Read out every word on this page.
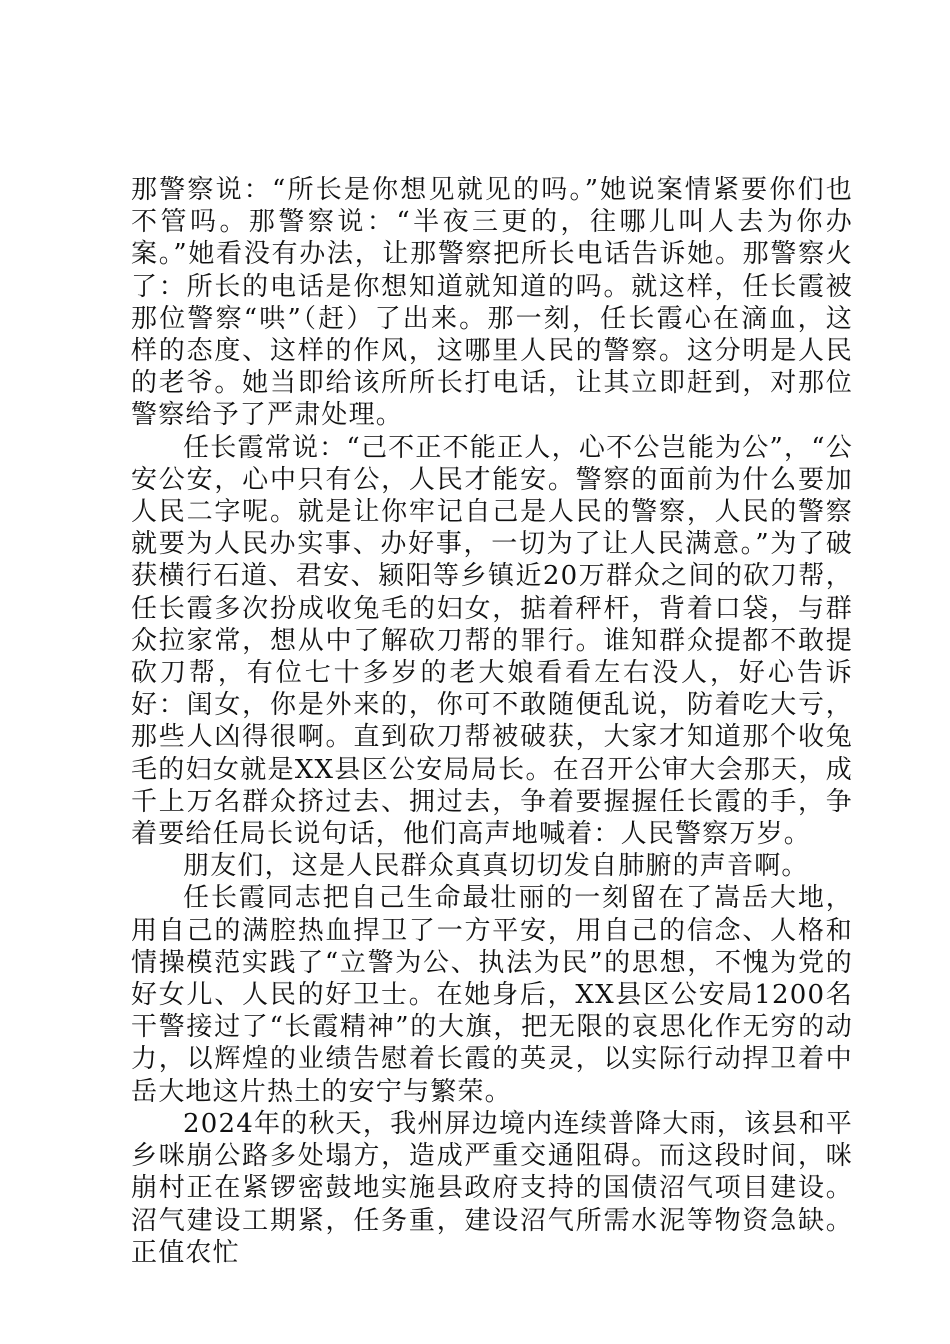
那警察说：“所长是你想见就见的吗。”她说案情紧要你们也不管吗。那警察说：“半夜三更的，往哪儿叫人去为你办案。”她看没有办法，让那警察把所长电话告诉她。那警察火了：所长的电话是你想知道就知道的吗。就这样，任长霞被那位警察“哄”（赶）了出来。那一刻，任长霞心在滴血，这样的态度、这样的作风，这哪里人民的警察。这分明是人民的老爷。她当即给该所所长打电话，让其立即赶到，对那位警察给予了严肃处理。

任长霞常说：“己不正不能正人，心不公岂能为公”，“公安公安，心中只有公，人民才能安。警察的面前为什么要加人民二字呢。就是让你牢记自己是人民的警察，人民的警察就要为人民办实事、办好事，一切为了让人民满意。”为了破获横行石道、君安、颍阳等乡镇近20万群众之间的砍刀帮，任长霞多次扮成收兔毛的妇女，掂着秤杆，背着口袋，与群众拉家常，想从中了解砍刀帮的罪行。谁知群众提都不敢提砍刀帮，有位七十多岁的老大娘看看左右没人，好心告诉好：闺女，你是外来的，你可不敢随便乱说，防着吃大亏，那些人凶得很啊。直到砍刀帮被破获，大家才知道那个收兔毛的妇女就是XX县区公安局局长。在召开公审大会那天，成千上万名群众挤过去、拥过去，争着要握握任长霞的手，争着要给任局长说句话，他们高声地喊着：人民警察万岁。

朋友们，这是人民群众真真切切发自肺腑的声音啊。

任长霞同志把自己生命最壮丽的一刻留在了嵩岳大地，用自己的满腔热血捍卫了一方平安，用自己的信念、人格和情操模范实践了“立警为公、执法为民”的思想，不愧为党的好女儿、人民的好卫士。在她身后，XX县区公安局1200名干警接过了“长霞精神”的大旗，把无限的哀思化作无穷的动力，以辉煌的业绩告慰着长霞的英灵，以实际行动捍卫着中岳大地这片热土的安宁与繁荣。

2024年的秋天，我州屏边境内连续普降大雨，该县和平乡咪崩公路多处塌方，造成严重交通阻碍。而这段时间，咪崩村正在紧锣密鼓地实施县政府支持的国债沼气项目建设。沼气建设工期紧，任务重，建设沼气所需水泥等物资急缺。正值农忙
